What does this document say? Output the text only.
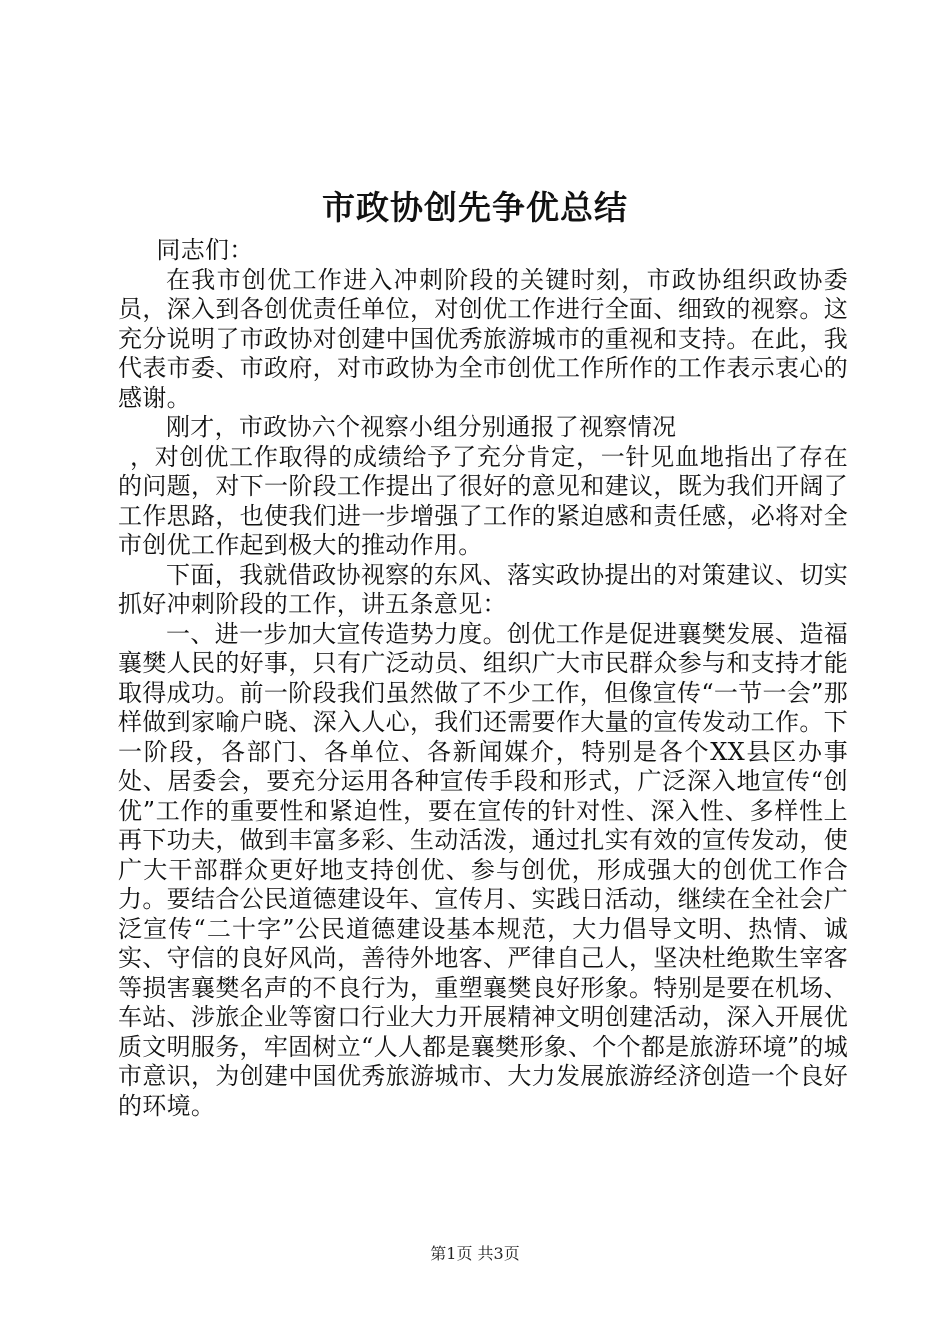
市政协创先争优总结

同志们：

在我市创优工作进入冲刺阶段的关键时刻，市政协组织政协委员，深入到各创优责任单位，对创优工作进行全面、细致的视察。这充分说明了市政协对创建中国优秀旅游城市的重视和支持。在此，我代表市委、市政府，对市政协为全市创优工作所作的工作表示衷心的感谢。

刚才，市政协六个视察小组分别通报了视察情况

，对创优工作取得的成绩给予了充分肯定，一针见血地指出了存在的问题，对下一阶段工作提出了很好的意见和建议，既为我们开阔了工作思路，也使我们进一步增强了工作的紧迫感和责任感，必将对全市创优工作起到极大的推动作用。

下面，我就借政协视察的东风、落实政协提出的对策建议、切实抓好冲刺阶段的工作，讲五条意见：

一、进一步加大宣传造势力度。创优工作是促进襄樊发展、造福襄樊人民的好事，只有广泛动员、组织广大市民群众参与和支持才能取得成功。前一阶段我们虽然做了不少工作，但像宣传“一节一会”那样做到家喻户晓、深入人心，我们还需要作大量的宣传发动工作。下一阶段，各部门、各单位、各新闻媒介，特别是各个XX县区办事处、居委会，要充分运用各种宣传手段和形式，广泛深入地宣传“创优”工作的重要性和紧迫性，要在宣传的针对性、深入性、多样性上再下功夫，做到丰富多彩、生动活泼，通过扎实有效的宣传发动，使广大干部群众更好地支持创优、参与创优，形成强大的创优工作合力。要结合公民道德建设年、宣传月、实践日活动，继续在全社会广泛宣传“二十字”公民道德建设基本规范，大力倡导文明、热情、诚实、守信的良好风尚，善待外地客、严律自己人，坚决杜绝欺生宰客等损害襄樊名声的不良行为，重塑襄樊良好形象。特别是要在机场、车站、涉旅企业等窗口行业大力开展精神文明创建活动，深入开展优质文明服务，牢固树立“人人都是襄樊形象、个个都是旅游环境”的城市意识，为创建中国优秀旅游城市、大力发展旅游经济创造一个良好的环境。

第1页 共3页
